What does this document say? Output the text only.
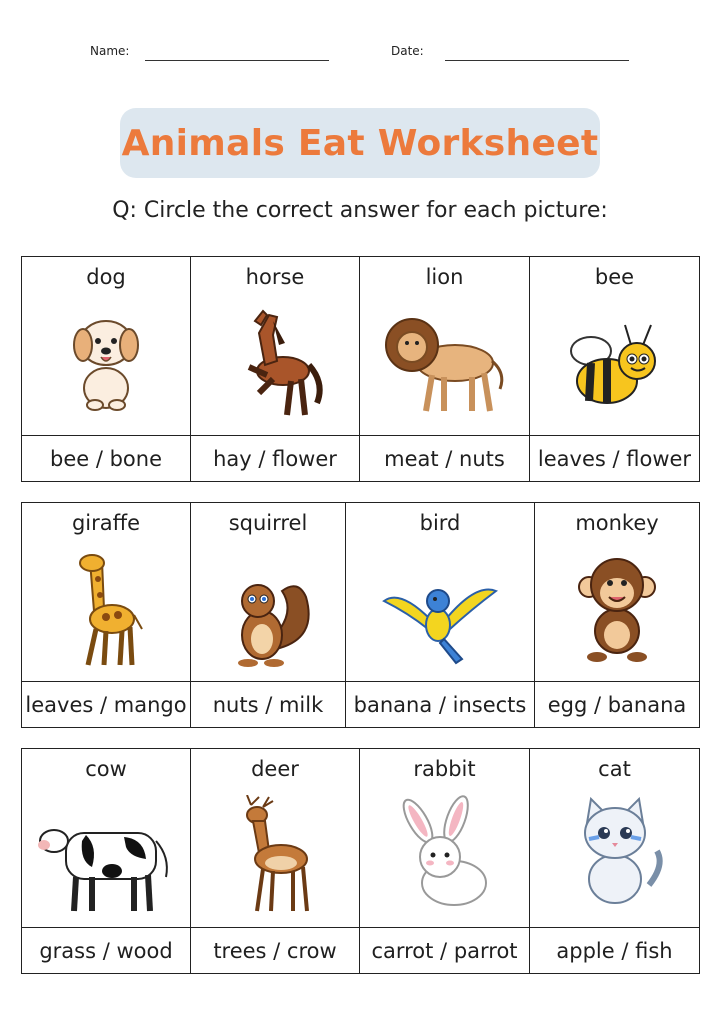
Name:	Date:
Animals Eat Worksheet
Q: Circle the correct answer for each picture:
dog	horse	lion	bee

bee / bone	hay / flower	meat / nuts	leaves / flower
giraffe	squirrel	bird	monkey

leaves / mango	nuts / milk	banana / insects	egg / banana
cow	deer	rabbit	cat

grass / wood	trees / crow	carrot / parrot	apple / fish
